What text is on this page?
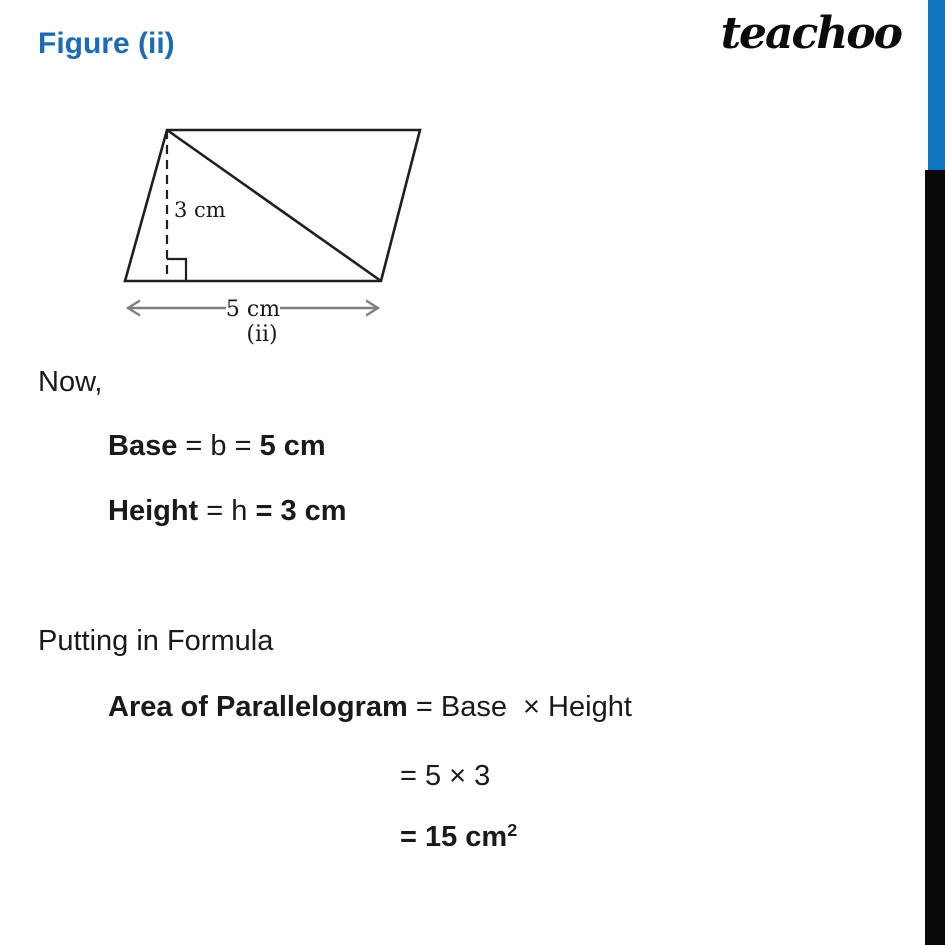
Figure (ii)	teachoo
3 cm
5 cm
(ii)
Now,
Base = b = 5 cm
Height = h = 3 cm
Putting in Formula
Area of Parallelogram = Base  × Height
= 5 × 3
= 15 $cm^2$
